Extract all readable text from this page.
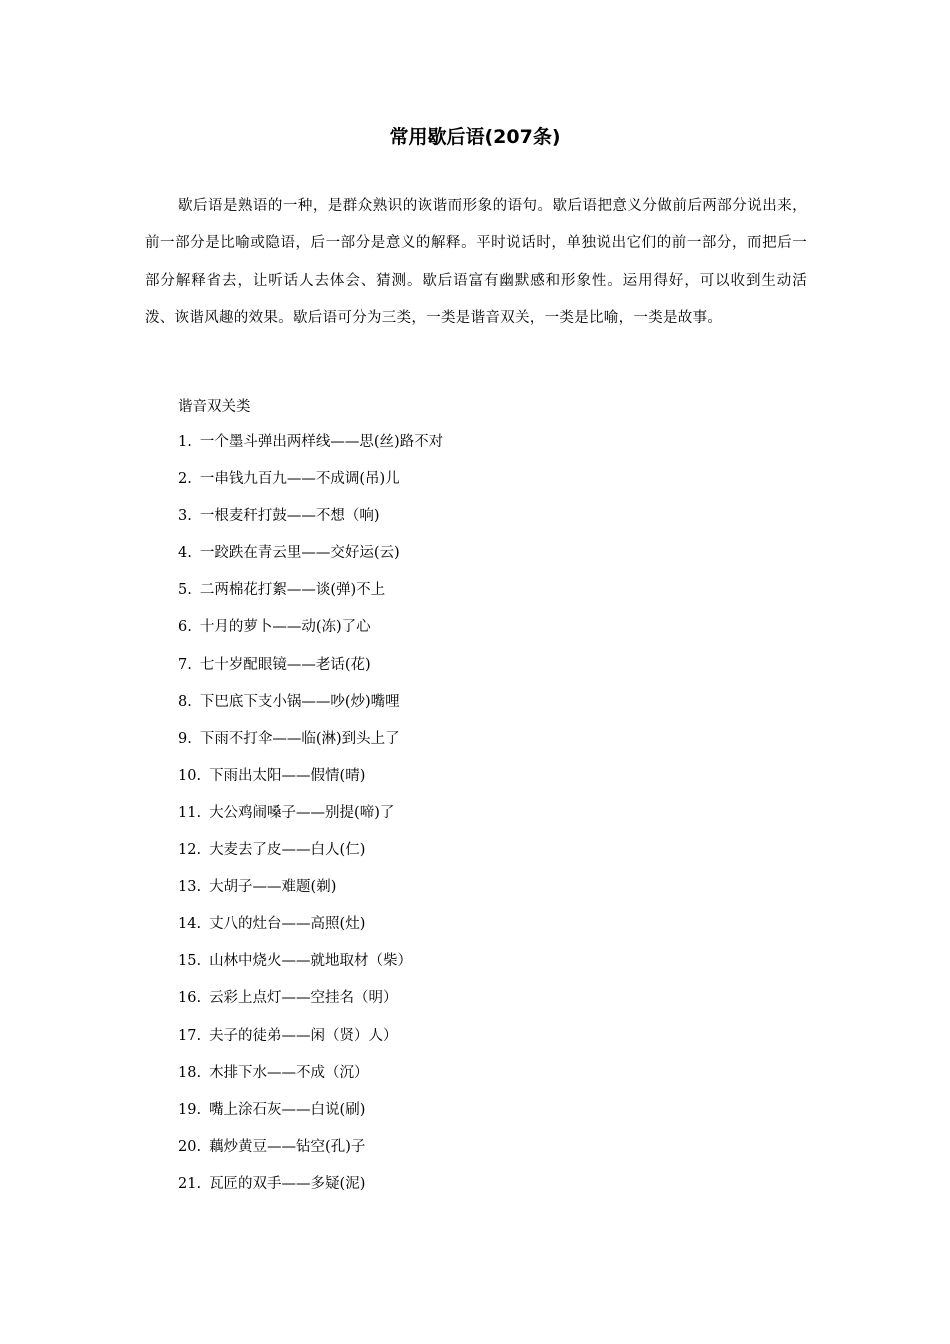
常用歇后语(207条)

歇后语是熟语的一种，是群众熟识的诙谐而形象的语句。歇后语把意义分做前后两部分说出来，前一部分是比喻或隐语，后一部分是意义的解释。平时说话时，单独说出它们的前一部分，而把后一部分解释省去，让听话人去体会、猜测。歇后语富有幽默感和形象性。运用得好，可以收到生动活泼、诙谐风趣的效果。歇后语可分为三类，一类是谐音双关，一类是比喻，一类是故事。

谐音双关类
1 . 一个墨斗弹出两样线——思(丝)路不对
2 . 一串钱九百九——不成调(吊)儿
3 . 一根麦秆打鼓——不想（响)
4 . 一跤跌在青云里——交好运(云)
5 . 二两棉花打絮——谈(弹)不上
6 . 十月的萝卜——动(冻)了心
7 . 七十岁配眼镜——老话(花)
8 . 下巴底下支小锅——吵(炒)嘴哩
9 . 下雨不打伞——临(淋)到头上了
10 . 下雨出太阳——假情(晴)
11 . 大公鸡闹嗓子——别提(啼)了
12 . 大麦去了皮——白人(仁)
13 . 大胡子——难题(剃)
14 . 丈八的灶台——高照(灶)
15 . 山林中烧火——就地取材（柴）
16 . 云彩上点灯——空挂名（明）
17 . 夫子的徒弟——闲（贤）人）
18 . 木排下水——不成（沉）
19 . 嘴上涂石灰——白说(刷)
20 . 藕炒黄豆——钻空(孔)子
21 . 瓦匠的双手——多疑(泥)
